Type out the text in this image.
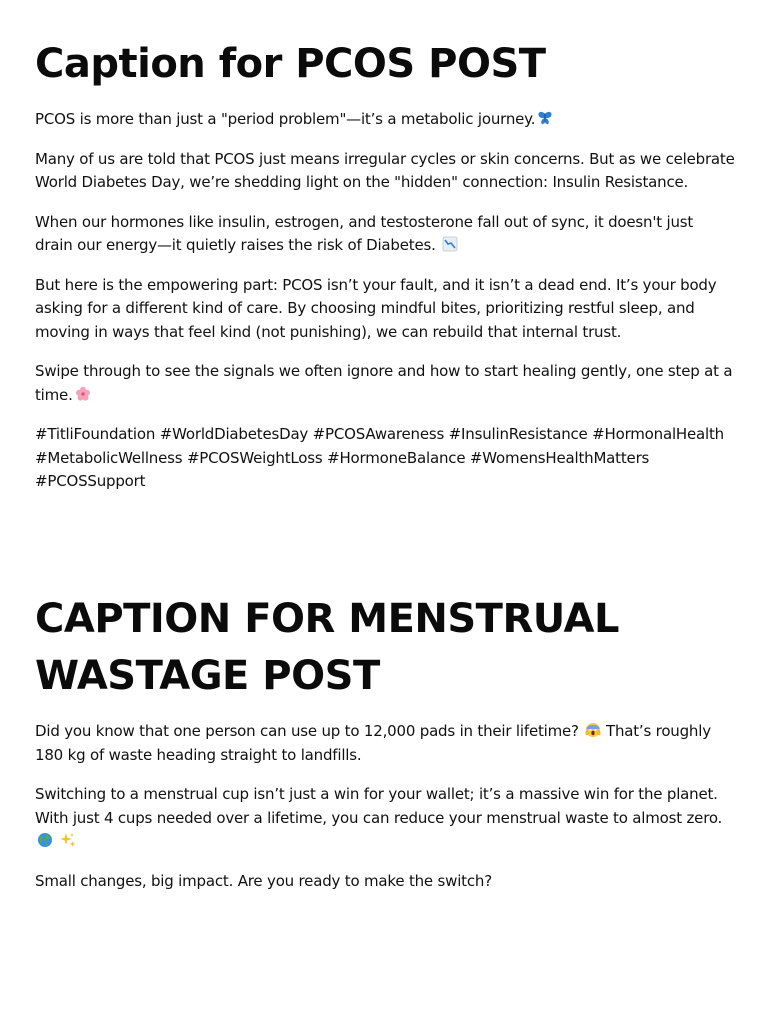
Caption for PCOS POST

PCOS is more than just a "period problem"—it’s a metabolic journey.

Many of us are told that PCOS just means irregular cycles or skin concerns. But as we celebrate World Diabetes Day, we’re shedding light on the "hidden" connection: Insulin Resistance.

When our hormones like insulin, estrogen, and testosterone fall out of sync, it doesn't just drain our energy—it quietly raises the risk of Diabetes.

But here is the empowering part: PCOS isn’t your fault, and it isn’t a dead end. It’s your body asking for a different kind of care. By choosing mindful bites, prioritizing restful sleep, and moving in ways that feel kind (not punishing), we can rebuild that internal trust.

Swipe through to see the signals we often ignore and how to start healing gently, one step at a time.

#TitliFoundation #WorldDiabetesDay #PCOSAwareness #InsulinResistance #HormonalHealth #MetabolicWellness #PCOSWeightLoss #HormoneBalance #WomensHealthMatters #PCOSSupport

CAPTION FOR MENSTRUAL WASTAGE POST

Did you know that one person can use up to 12,000 pads in their lifetime? That’s roughly 180 kg of waste heading straight to landfills.

Switching to a menstrual cup isn’t just a win for your wallet; it’s a massive win for the planet. With just 4 cups needed over a lifetime, you can reduce your menstrual waste to almost zero.

Small changes, big impact. Are you ready to make the switch?
